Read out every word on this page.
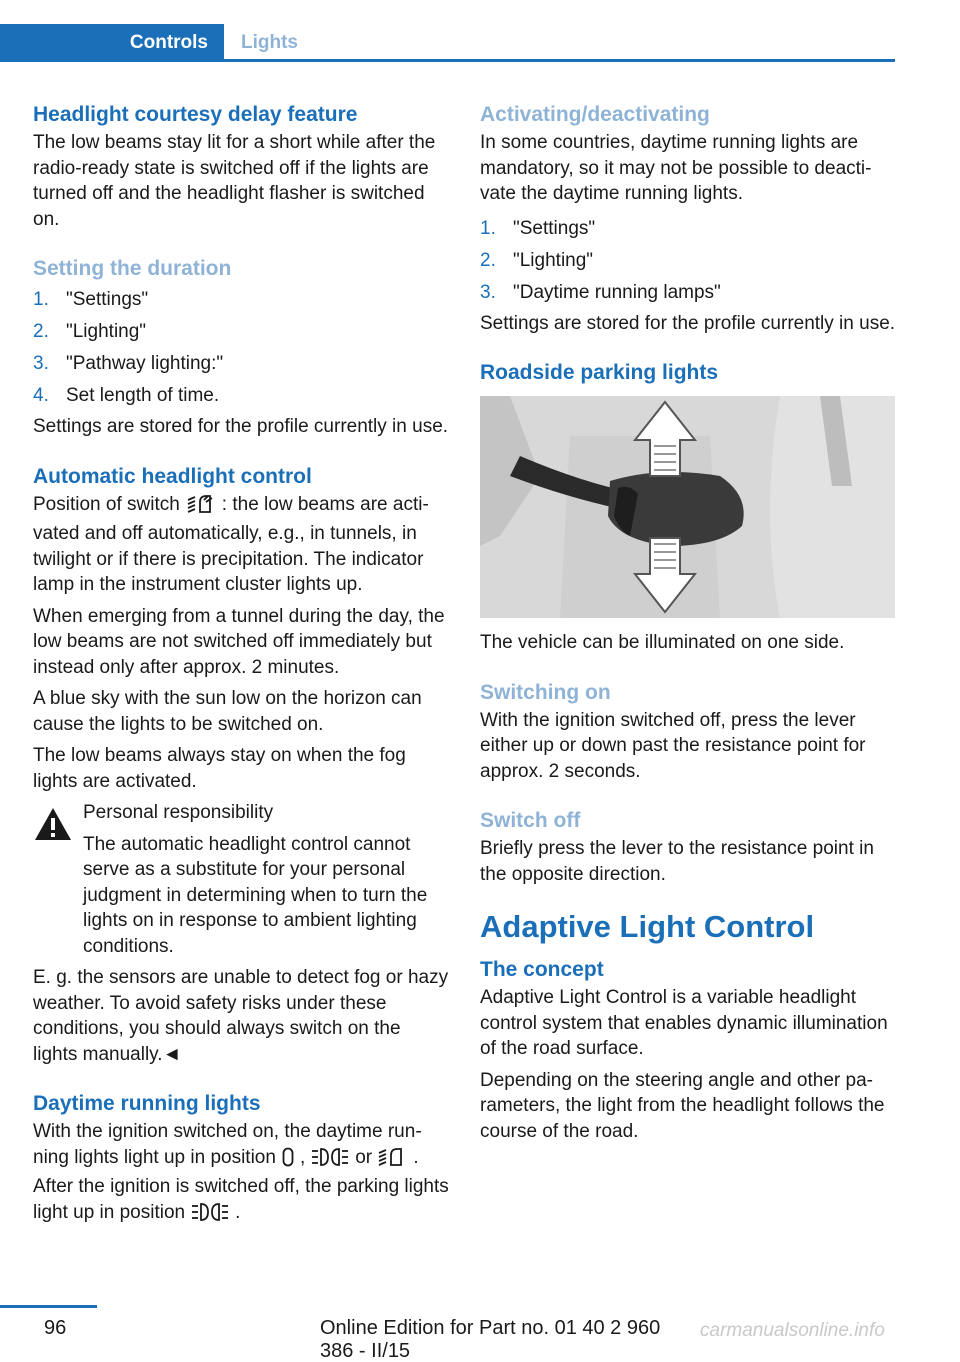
Controls	Lights
Headlight courtesy delay feature

The low beams stay lit for a short while after the radio-ready state is switched off if the lights are turned off and the headlight flasher is switched on.

Setting the duration
1. "Settings"
2. "Lighting"
3. "Pathway lighting:"
4. Set length of time.

Settings are stored for the profile currently in use.

Automatic headlight control

Position of switch : the low beams are activated and off automatically, e.g., in tunnels, in twilight or if there is precipitation. The indicator lamp in the instrument cluster lights up.

When emerging from a tunnel during the day, the low beams are not switched off immediately but instead only after approx. 2 minutes.

A blue sky with the sun low on the horizon can cause the lights to be switched on.

The low beams always stay on when the fog lights are activated.

Personal responsibility
The automatic headlight control cannot serve as a substitute for your personal judgment in determining when to turn the lights on in response to ambient lighting conditions.

E. g. the sensors are unable to detect fog or hazy weather. To avoid safety risks under these conditions, you should always switch on the lights manually.◄

Daytime running lights

With the ignition switched on, the daytime running lights light up in position ,	or . After the ignition is switched off, the parking lights light up in position	.

Activating/deactivating

In some countries, daytime running lights are mandatory, so it may not be possible to deactivate the daytime running lights.

1. "Settings"
2. "Lighting"
3. "Daytime running lamps"

Settings are stored for the profile currently in use.

Roadside parking lights

The vehicle can be illuminated on one side.

Switching on

With the ignition switched off, press the lever either up or down past the resistance point for approx. 2 seconds.

Switch off

Briefly press the lever to the resistance point in the opposite direction.

Adaptive Light Control
The concept

Adaptive Light Control is a variable headlight control system that enables dynamic illumination of the road surface.

Depending on the steering angle and other parameters, the light from the headlight follows the course of the road.

96	Online Edition for Part no. 01 40 2 960 386 - II/15
carmanualsonline.info
